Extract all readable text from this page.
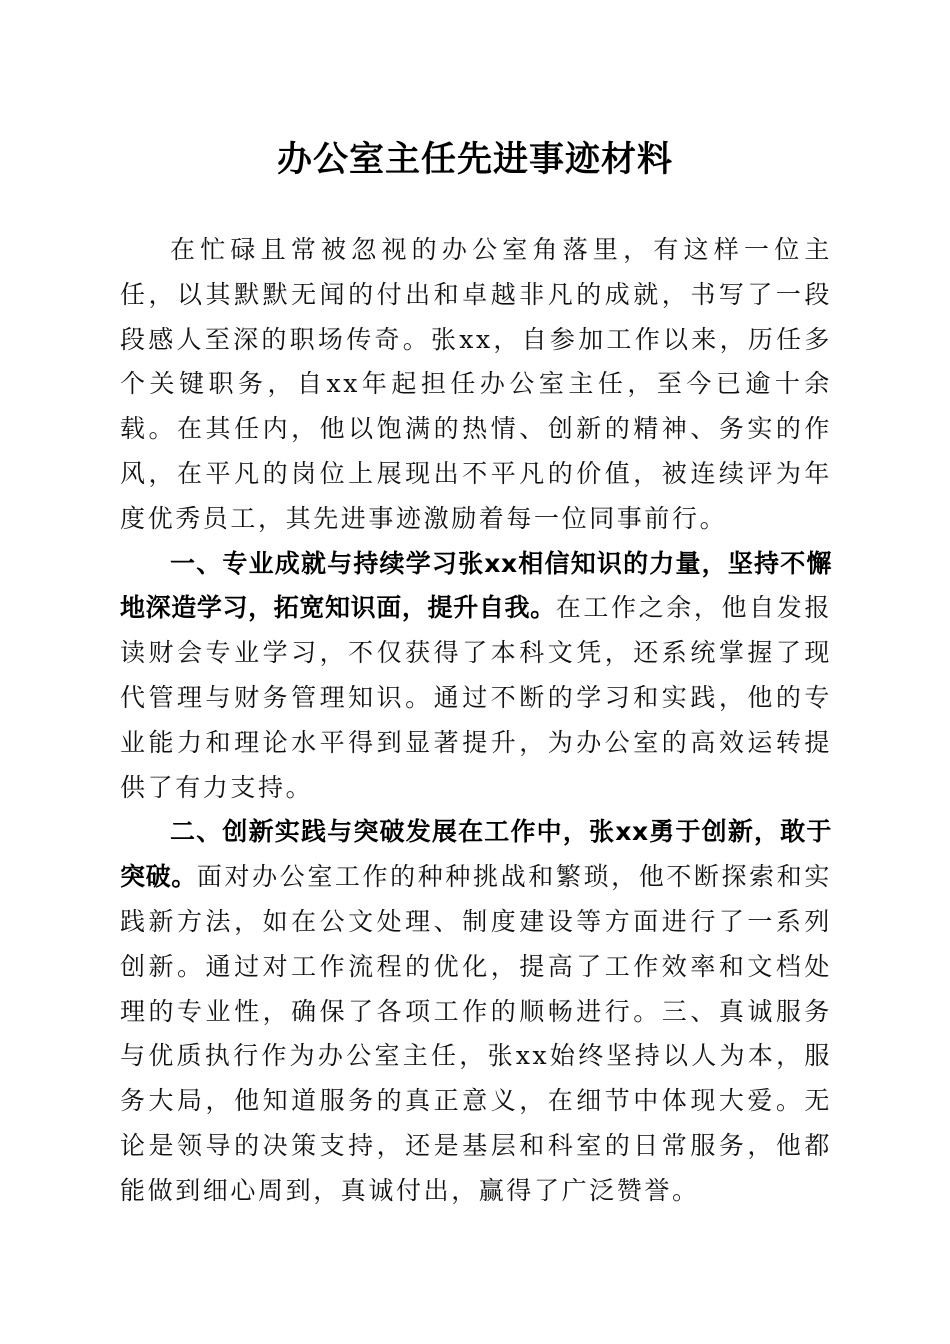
办公室主任先进事迹材料

在忙碌且常被忽视的办公室角落里，有这样一位主任，以其默默无闻的付出和卓越非凡的成就，书写了一段段感人至深的职场传奇。张xx，自参加工作以来，历任多个关键职务，自xx年起担任办公室主任，至今已逾十余载。在其任内，他以饱满的热情、创新的精神、务实的作风，在平凡的岗位上展现出不平凡的价值，被连续评为年度优秀员工，其先进事迹激励着每一位同事前行。

一、专业成就与持续学习张xx相信知识的力量，坚持不懈地深造学习，拓宽知识面，提升自我。在工作之余，他自发报读财会专业学习，不仅获得了本科文凭，还系统掌握了现代管理与财务管理知识。通过不断的学习和实践，他的专业能力和理论水平得到显著提升，为办公室的高效运转提供了有力支持。

二、创新实践与突破发展在工作中，张xx勇于创新，敢于突破。面对办公室工作的种种挑战和繁琐，他不断探索和实践新方法，如在公文处理、制度建设等方面进行了一系列创新。通过对工作流程的优化，提高了工作效率和文档处理的专业性，确保了各项工作的顺畅进行。三、真诚服务与优质执行作为办公室主任，张xx始终坚持以人为本，服务大局，他知道服务的真正意义，在细节中体现大爱。无论是领导的决策支持，还是基层和科室的日常服务，他都能做到细心周到，真诚付出，赢得了广泛赞誉。
